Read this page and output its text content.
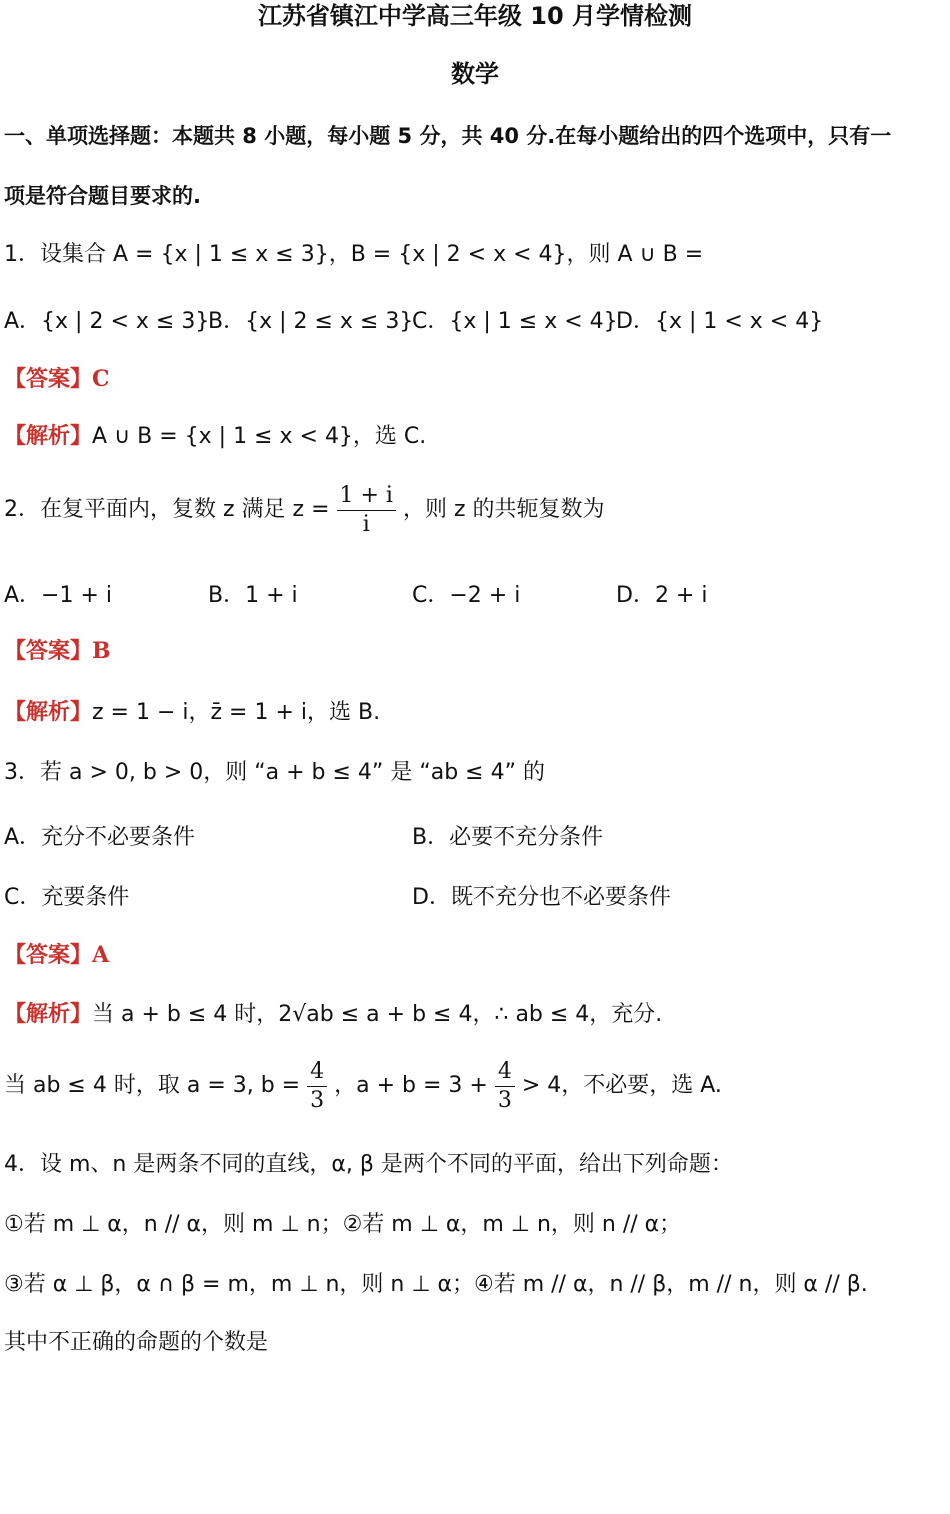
江苏省镇江中学高三年级 10 月学情检测
数学
一、单项选择题：本题共 8 小题，每小题 5 分，共 40 分.在每小题给出的四个选项中，只有一
项是符合题目要求的.
1．设集合 A = {x | 1 ≤ x ≤ 3}，B = {x | 2 < x < 4}，则 A ∪ B =
A．{x | 2 < x ≤ 3}
B．{x | 2 ≤ x ≤ 3}
C．{x | 1 ≤ x < 4}
D．{x | 1 < x < 4}
【答案】C
【解析】A ∪ B = {x | 1 ≤ x < 4}，选 C.
2．在复平面内，复数 z 满足 $z = \frac{1 + i}{i}$ ，则 z 的共轭复数为
A．−1 + i	B．1 + i	C．−2 + i	D．2 + i
【答案】B
【解析】z = 1 − i，z̄ = 1 + i，选 B.
3．若 a > 0, b > 0，则 “a + b ≤ 4” 是 “ab ≤ 4” 的
A．充分不必要条件	B．必要不充分条件
C．充要条件	D．既不充分也不必要条件
【答案】A
【解析】当 a + b ≤ 4 时，2√ab ≤ a + b ≤ 4，∴ ab ≤ 4，充分.
当 ab ≤ 4 时，取 a = 3, $b = \frac{4}{3}$ ，$a + b = 3 + \frac{4}{3} > 4$，不必要，选 A.
4．设 m、n 是两条不同的直线，α, β 是两个不同的平面，给出下列命题：
①若 m ⊥ α，n // α，则 m ⊥ n；②若 m ⊥ α，m ⊥ n，则 n // α；
③若 α ⊥ β，α ∩ β = m，m ⊥ n，则 n ⊥ α；④若 m // α，n // β，m // n，则 α // β.
其中不正确的命题的个数是
